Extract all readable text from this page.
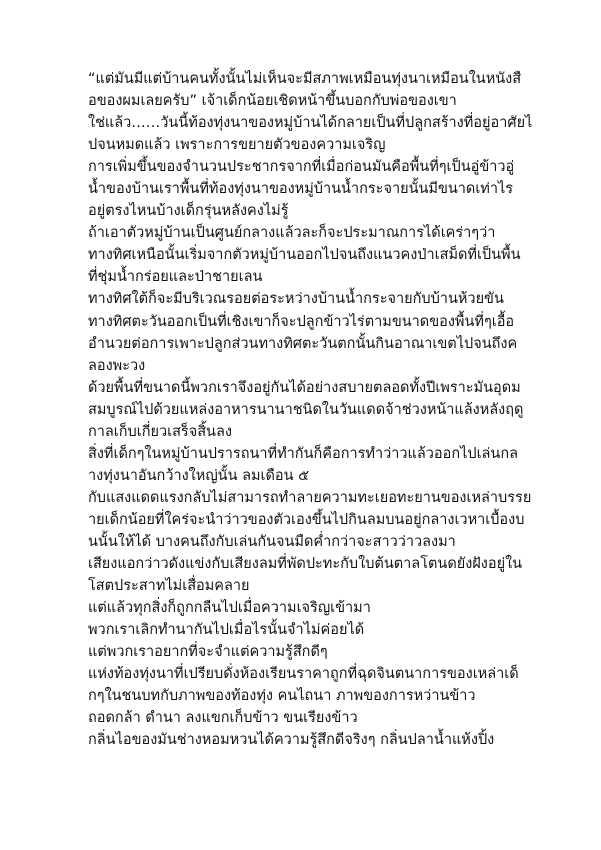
“แต่มันมีแต่บ้านคนทั้งนั้นไม่เห็นจะมีสภาพเหมือนทุ่งนาเหมือนในหนังสื
อของผมเลยครับ” เจ้าเด็กน้อยเชิดหน้าขึ้นบอกกับพ่อของเขา
ใช่แล้ว……วันนี้ท้องทุ่งนาของหมู่บ้านได้กลายเป็นที่ปลูกสร้างที่อยู่อาศัยไ
ปจนหมดแล้ว เพราะการขยายตัวของความเจริญ
การเพิ่มขึ้นของจำนวนประชากรจากที่เมื่อก่อนมันคือพื้นที่ๆเป็นอู่ข้าวอู่
น้ำของบ้านเราพื้นที่ท้องทุ่งนาของหมู่บ้านน้ำกระจายนั้นมีขนาดเท่าไร
อยู่ตรงไหนบ้างเด็กรุ่นหลังคงไม่รู้
ถ้าเอาตัวหมู่บ้านเป็นศูนย์กลางแล้วละก็จะประมาณการได้เคร่าๆว่า
ทางทิศเหนือนั้นเริ่มจากตัวหมู่บ้านออกไปจนถึงแนวคงป่าเสม็ดที่เป็นพื้น
ที่ชุ่มน้ำกร่อยและป่าชายเลน
ทางทิศใต้ก็จะมีบริเวณรอยต่อระหว่างบ้านน้ำกระจายกับบ้านห้วยขัน
ทางทิศตะวันออกเป็นที่เชิงเขาก็จะปลูกข้าวไร่ตามขนาดของพื้นที่ๆเอื้อ
อำนวยต่อการเพาะปลูกส่วนทางทิศตะวันตกนั้นกินอาณาเขตไปจนถึงค
ลองพะวง
ด้วยพื้นที่ขนาดนี้พวกเราจึงอยู่กันได้อย่างสบายตลอดทั้งปีเพราะมันอุดม
สมบูรณ์ไปด้วยแหล่งอาหารนานาชนิดในวันแดดจ้าช่วงหน้าแล้งหลังฤดู
กาลเก็บเกี่ยวเสร็จสิ้นลง
สิ่งที่เด็กๆในหมู่บ้านปรารถนาที่ทำกันก็คือการทำว่าวแล้วออกไปเล่นกล
างทุ่งนาอันกว้างใหญ่นั้น ลมเดือน ๕
กับแสงแดดแรงกลับไม่สามารถทำลายความทะเยอทะยานของเหล่าบรรย
ายเด็กน้อยที่ใคร่จะนำว่าวของตัวเองขึ้นไปกินลมบนอยู่กลางเวหาเบื้องบ
นนั้นให้ได้ บางคนถึงกับเล่นกันจนมืดค่ำกว่าจะสาวว่าวลงมา
เสียงแอกว่าวดังแข่งกับเสียงลมที่พัดปะทะกับใบต้นตาลโตนดยังฝังอยู่ใน
โสตประสาทไม่เสื่อมคลาย
แต่แล้วทุกสิ่งก็ถูกกลืนไปเมื่อความเจริญเข้ามา
พวกเราเลิกทำนากันไปเมื่อไรนั้นจำไม่ค่อยได้
แต่พวกเราอยากที่จะจำแต่ความรู้สึกดีๆ
แห่งท้องทุ่งนาที่เปรียบดั่งห้องเรียนราคาถูกที่ฉุดจินตนาการของเหล่าเด็
กๆในชนบทกับภาพของท้องทุ่ง คนไถนา ภาพของการหว่านข้าว
ถอดกล้า ดำนา ลงแขกเก็บข้าว ขนเรียงข้าว
กลิ่นไอของมันช่างหอมหวนได้ความรู้สึกดีจริงๆ กลิ่นปลาน้ำแห้งปิ้ง
